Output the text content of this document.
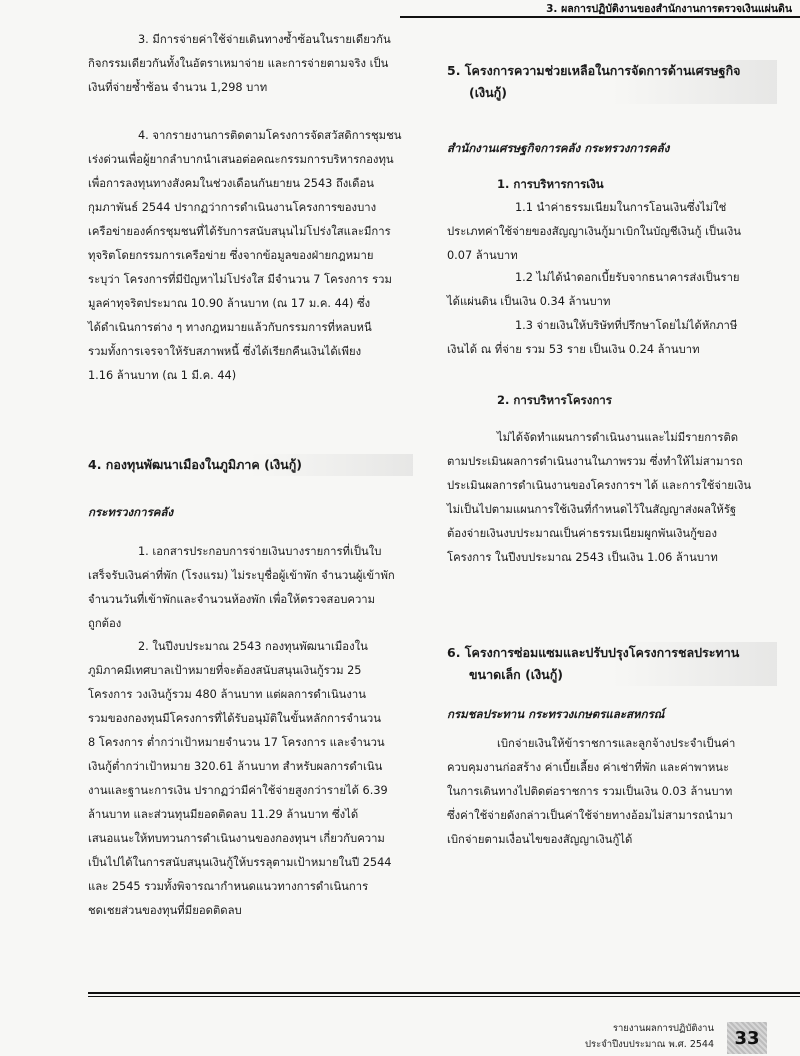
3. ผลการปฏิบัติงานของสำนักงานการตรวจเงินแผ่นดิน
3. มีการจ่ายค่าใช้จ่ายเดินทางซ้ำซ้อนในรายเดียวกัน
กิจกรรมเดียวกันทั้งในอัตราเหมาจ่าย และการจ่ายตามจริง เป็น
เงินที่จ่ายซ้ำซ้อน จำนวน 1,298 บาท
4. จากรายงานการติดตามโครงการจัดสวัสดิการชุมชน
เร่งด่วนเพื่อผู้ยากลำบากนำเสนอต่อคณะกรรมการบริหารกองทุน
เพื่อการลงทุนทางสังคมในช่วงเดือนกันยายน 2543 ถึงเดือน
กุมภาพันธ์ 2544 ปรากฏว่าการดำเนินงานโครงการของบาง
เครือข่ายองค์กรชุมชนที่ได้รับการสนับสนุนไม่โปร่งใสและมีการ
ทุจริตโดยกรรมการเครือข่าย ซึ่งจากข้อมูลของฝ่ายกฎหมาย
ระบุว่า โครงการที่มีปัญหาไม่โปร่งใส มีจำนวน 7 โครงการ รวม
มูลค่าทุจริตประมาณ 10.90 ล้านบาท (ณ 17 ม.ค. 44) ซึ่ง
ได้ดำเนินการต่าง ๆ ทางกฎหมายแล้วกับกรรมการที่หลบหนี
รวมทั้งการเจรจาให้รับสภาพหนี้ ซึ่งได้เรียกคืนเงินได้เพียง
1.16 ล้านบาท (ณ 1 มี.ค. 44)
4. กองทุนพัฒนาเมืองในภูมิภาค (เงินกู้)
กระทรวงการคลัง
1. เอกสารประกอบการจ่ายเงินบางรายการที่เป็นใบ
เสร็จรับเงินค่าที่พัก (โรงแรม) ไม่ระบุชื่อผู้เข้าพัก จำนวนผู้เข้าพัก
จำนวนวันที่เข้าพักและจำนวนห้องพัก เพื่อให้ตรวจสอบความ
ถูกต้อง
2. ในปีงบประมาณ 2543 กองทุนพัฒนาเมืองใน
ภูมิภาคมีเทศบาลเป้าหมายที่จะต้องสนับสนุนเงินกู้รวม 25
โครงการ วงเงินกู้รวม 480 ล้านบาท แต่ผลการดำเนินงาน
รวมของกองทุนมีโครงการที่ได้รับอนุมัติในขั้นหลักการจำนวน
8 โครงการ ต่ำกว่าเป้าหมายจำนวน 17 โครงการ และจำนวน
เงินกู้ต่ำกว่าเป้าหมาย 320.61 ล้านบาท สำหรับผลการดำเนิน
งานและฐานะการเงิน ปรากฏว่ามีค่าใช้จ่ายสูงกว่ารายได้ 6.39
ล้านบาท และส่วนทุนมียอดติดลบ 11.29 ล้านบาท ซึ่งได้
เสนอแนะให้ทบทวนการดำเนินงานของกองทุนฯ เกี่ยวกับความ
เป็นไปได้ในการสนับสนุนเงินกู้ให้บรรลุตามเป้าหมายในปี 2544
และ 2545 รวมทั้งพิจารณากำหนดแนวทางการดำเนินการ
ชดเชยส่วนของทุนที่มียอดติดลบ
5. โครงการความช่วยเหลือในการจัดการด้านเศรษฐกิจ
(เงินกู้)
สำนักงานเศรษฐกิจการคลัง กระทรวงการคลัง
1. การบริหารการเงิน
1.1 นำค่าธรรมเนียมในการโอนเงินซึ่งไม่ใช่
ประเภทค่าใช้จ่ายของสัญญาเงินกู้มาเบิกในบัญชีเงินกู้ เป็นเงิน
0.07 ล้านบาท
1.2 ไม่ได้นำดอกเบี้ยรับจากธนาคารส่งเป็นราย
ได้แผ่นดิน เป็นเงิน 0.34 ล้านบาท
1.3 จ่ายเงินให้บริษัทที่ปรึกษาโดยไม่ได้หักภาษี
เงินได้ ณ ที่จ่าย รวม 53 ราย เป็นเงิน 0.24 ล้านบาท
2. การบริหารโครงการ
ไม่ได้จัดทำแผนการดำเนินงานและไม่มีรายการติด
ตามประเมินผลการดำเนินงานในภาพรวม ซึ่งทำให้ไม่สามารถ
ประเมินผลการดำเนินงานของโครงการฯ ได้ และการใช้จ่ายเงิน
ไม่เป็นไปตามแผนการใช้เงินที่กำหนดไว้ในสัญญาส่งผลให้รัฐ
ต้องจ่ายเงินงบประมาณเป็นค่าธรรมเนียมผูกพันเงินกู้ของ
โครงการ ในปีงบประมาณ 2543 เป็นเงิน 1.06 ล้านบาท
6. โครงการซ่อมแซมและปรับปรุงโครงการชลประทาน
ขนาดเล็ก (เงินกู้)
กรมชลประทาน กระทรวงเกษตรและสหกรณ์
เบิกจ่ายเงินให้ข้าราชการและลูกจ้างประจำเป็นค่า
ควบคุมงานก่อสร้าง ค่าเบี้ยเลี้ยง ค่าเช่าที่พัก และค่าพาหนะ
ในการเดินทางไปติดต่อราชการ รวมเป็นเงิน 0.03 ล้านบาท
ซึ่งค่าใช้จ่ายดังกล่าวเป็นค่าใช้จ่ายทางอ้อมไม่สามารถนำมา
เบิกจ่ายตามเงื่อนไขของสัญญาเงินกู้ได้
รายงานผลการปฏิบัติงาน
ประจำปีงบประมาณ พ.ศ. 2544	33
